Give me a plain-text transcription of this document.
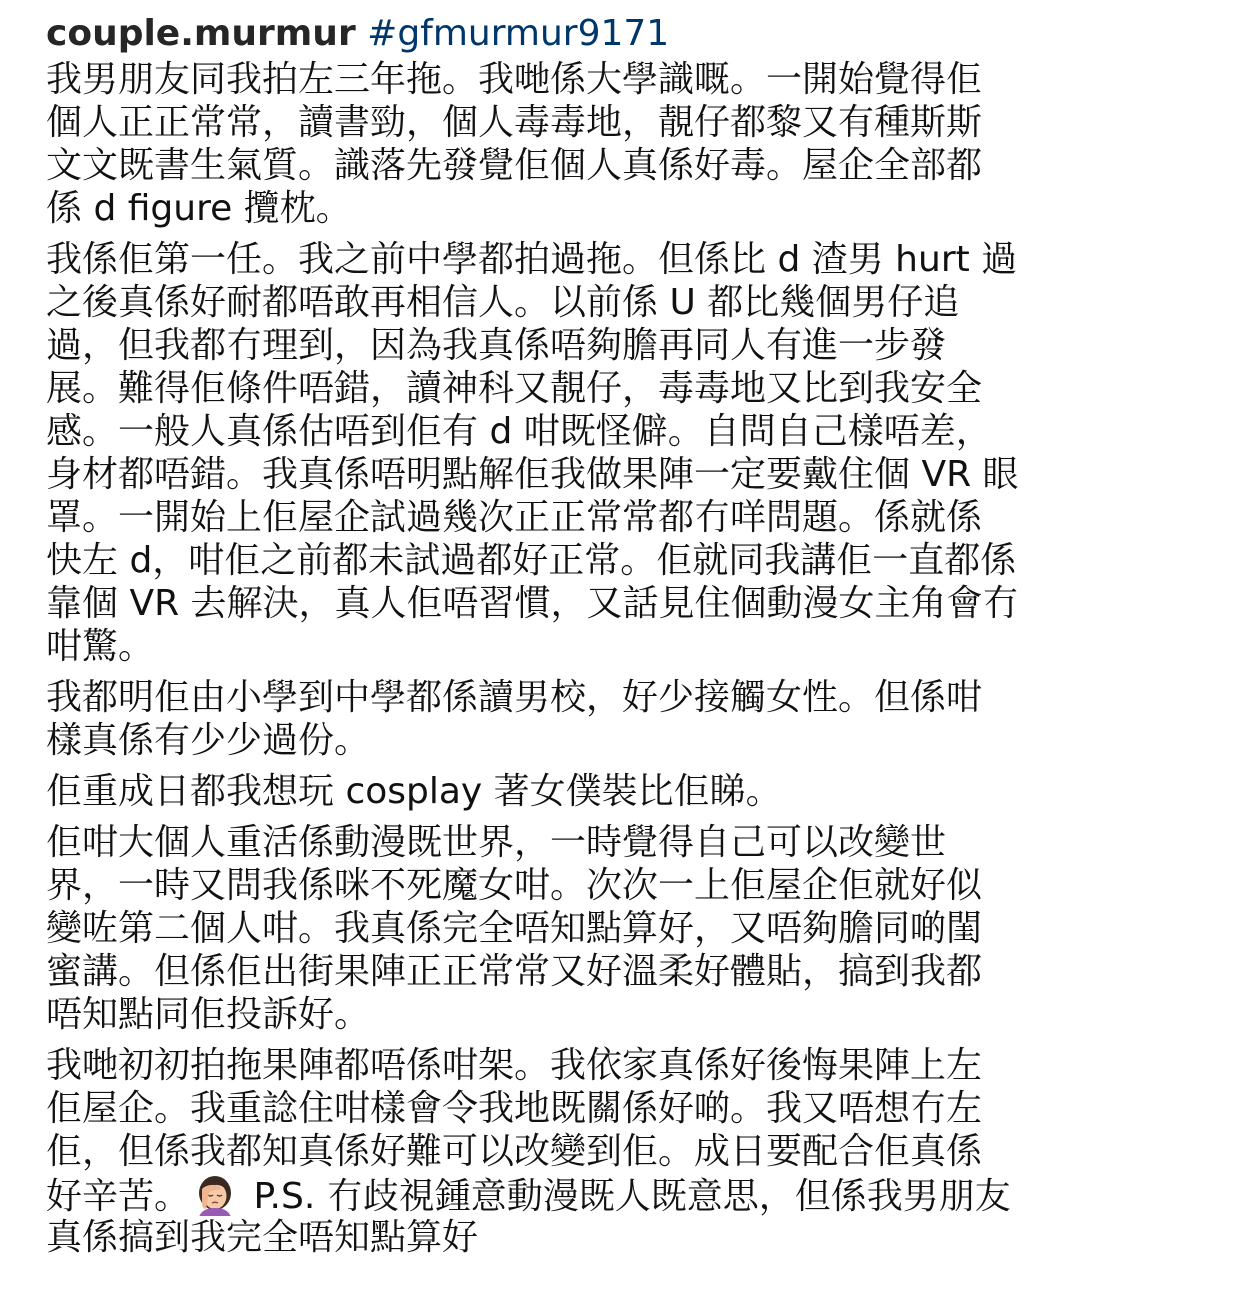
couple.murmur #gfmurmur9171
我男朋友同我拍左三年拖。我哋係大學識嘅。一開始覺得佢
個人正正常常，讀書勁，個人毒毒地，靚仔都黎又有種斯斯
文文既書生氣質。識落先發覺佢個人真係好毒。屋企全部都
係 d figure 攬枕。
我係佢第一任。我之前中學都拍過拖。但係比 d 渣男 hurt 過
之後真係好耐都唔敢再相信人。以前係 U 都比幾個男仔追
過，但我都冇理到，因為我真係唔夠膽再同人有進一步發
展。難得佢條件唔錯，讀神科又靚仔，毒毒地又比到我安全
感。一般人真係估唔到佢有 d 咁既怪僻。自問自己樣唔差，
身材都唔錯。我真係唔明點解佢我做果陣一定要戴住個 VR 眼
罩。一開始上佢屋企試過幾次正正常常都冇咩問題。係就係
快左 d，咁佢之前都未試過都好正常。佢就同我講佢一直都係
靠個 VR 去解決，真人佢唔習慣，又話見住個動漫女主角會冇
咁驚。
我都明佢由小學到中學都係讀男校，好少接觸女性。但係咁
樣真係有少少過份。
佢重成日都我想玩 cosplay 著女僕裝比佢睇。
佢咁大個人重活係動漫既世界，一時覺得自己可以改變世
界，一時又問我係咪不死魔女咁。次次一上佢屋企佢就好似
變咗第二個人咁。我真係完全唔知點算好，又唔夠膽同啲閨
蜜講。但係佢出街果陣正正常常又好溫柔好體貼，搞到我都
唔知點同佢投訴好。
我哋初初拍拖果陣都唔係咁架。我依家真係好後悔果陣上左
佢屋企。我重諗住咁樣會令我地既關係好啲。我又唔想冇左
佢，但係我都知真係好難可以改變到佢。成日要配合佢真係
好辛苦。 P.S. 冇歧視鍾意動漫既人既意思，但係我男朋友
真係搞到我完全唔知點算好
